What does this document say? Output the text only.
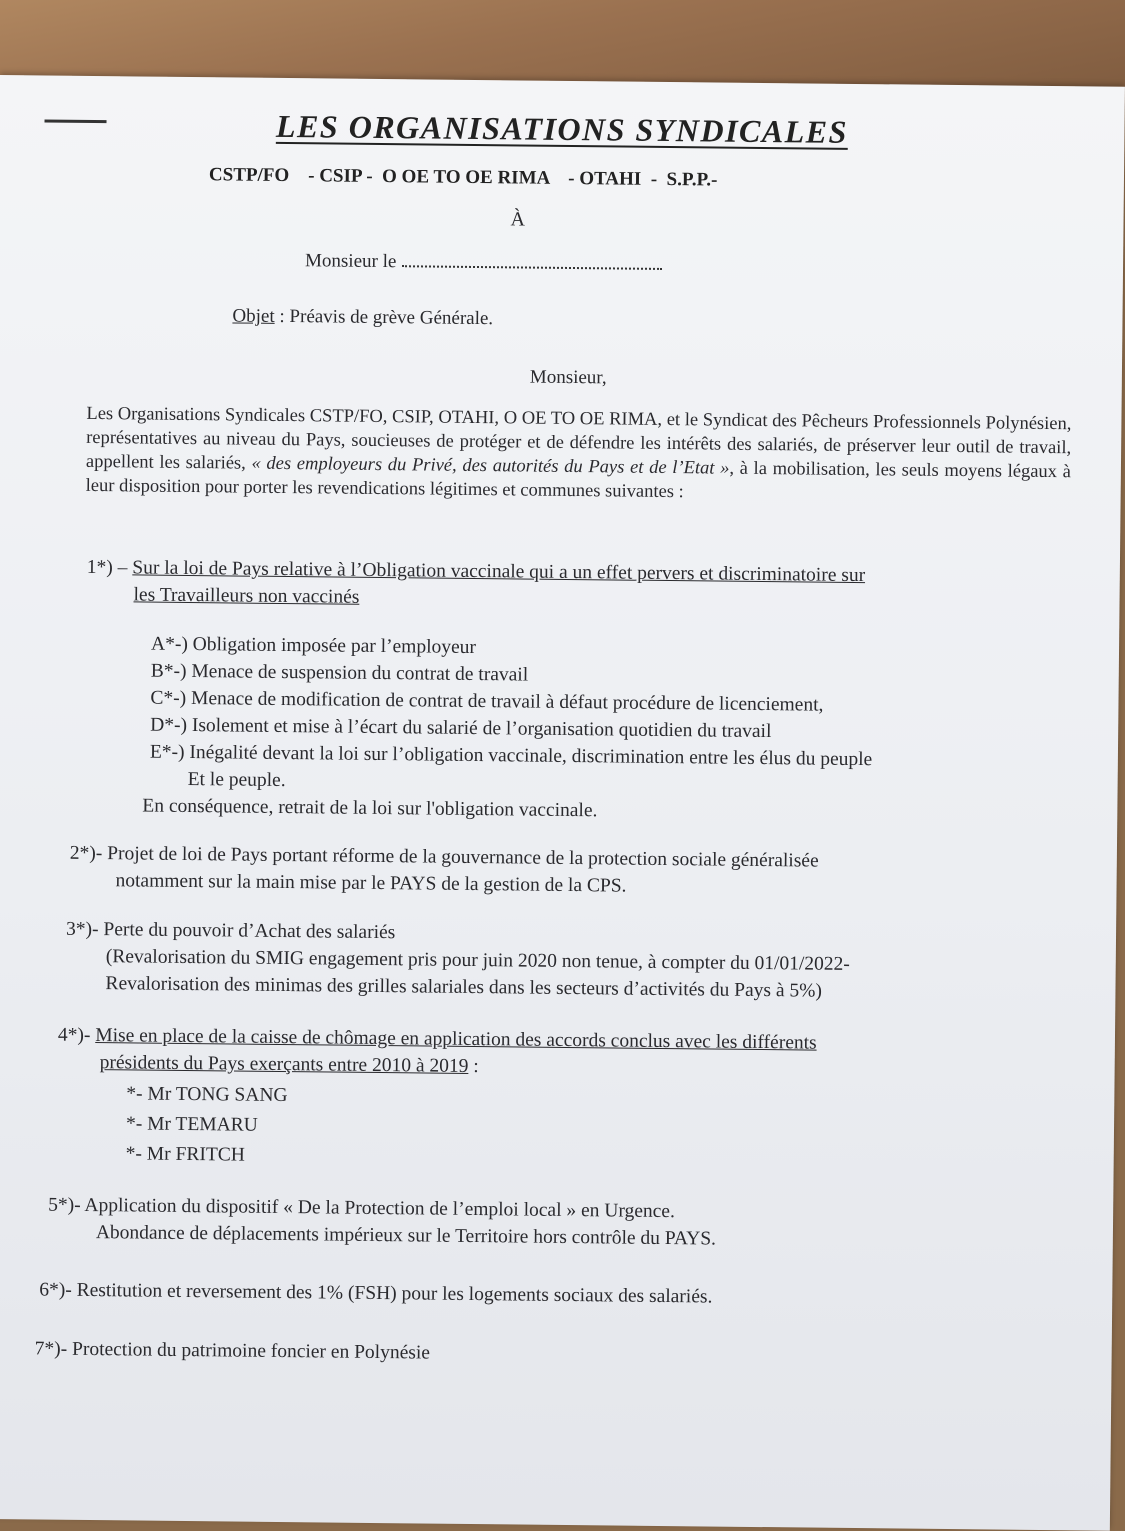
LES ORGANISATIONS SYNDICALES
CSTP/FO    - CSIP -  O OE TO OE RIMA    - OTAHI  -  S.P.P.-
À
Monsieur le
Objet : Préavis de grève Générale.
Monsieur,
Les Organisations Syndicales CSTP/FO, CSIP, OTAHI, O OE TO OE RIMA, et le Syndicat des Pêcheurs Professionnels Polynésien, représentatives au niveau du Pays, soucieuses de protéger et de défendre les intérêts des salariés, de préserver leur outil de travail, appellent les salariés, « des employeurs du Privé, des autorités du Pays et de l’Etat », à la mobilisation, les seuls moyens légaux à leur disposition pour porter les revendications légitimes et communes suivantes :
1*) – Sur la loi de Pays relative à l’Obligation vaccinale qui a un effet pervers et discriminatoire sur
les Travailleurs non vaccinés
A*-) Obligation imposée par l’employeur
B*-) Menace de suspension du contrat de travail
C*-) Menace de modification de contrat de travail à défaut procédure de licenciement,
D*-) Isolement et mise à l’écart du salarié de l’organisation quotidien du travail
E*-) Inégalité devant la loi sur l’obligation vaccinale, discrimination entre les élus du peuple
Et le peuple.
En conséquence, retrait de la loi sur l'obligation vaccinale.
2*)- Projet de loi de Pays portant réforme de la gouvernance de la protection sociale généralisée
notamment sur la main mise par le PAYS de la gestion de la CPS.
3*)- Perte du pouvoir d’Achat des salariés
(Revalorisation du SMIG engagement pris pour juin 2020 non tenue, à compter du 01/01/2022-
Revalorisation des minimas des grilles salariales dans les secteurs d’activités du Pays à 5%)
4*)- Mise en place de la caisse de chômage en application des accords conclus avec les différents
présidents du Pays exerçants entre 2010 à 2019 :
*- Mr TONG SANG
*- Mr TEMARU
*- Mr FRITCH
5*)- Application du dispositif « De la Protection de l’emploi local » en Urgence.
Abondance de déplacements impérieux sur le Territoire hors contrôle du PAYS.
6*)- Restitution et reversement des 1% (FSH) pour les logements sociaux des salariés.
7*)- Protection du patrimoine foncier en Polynésie
